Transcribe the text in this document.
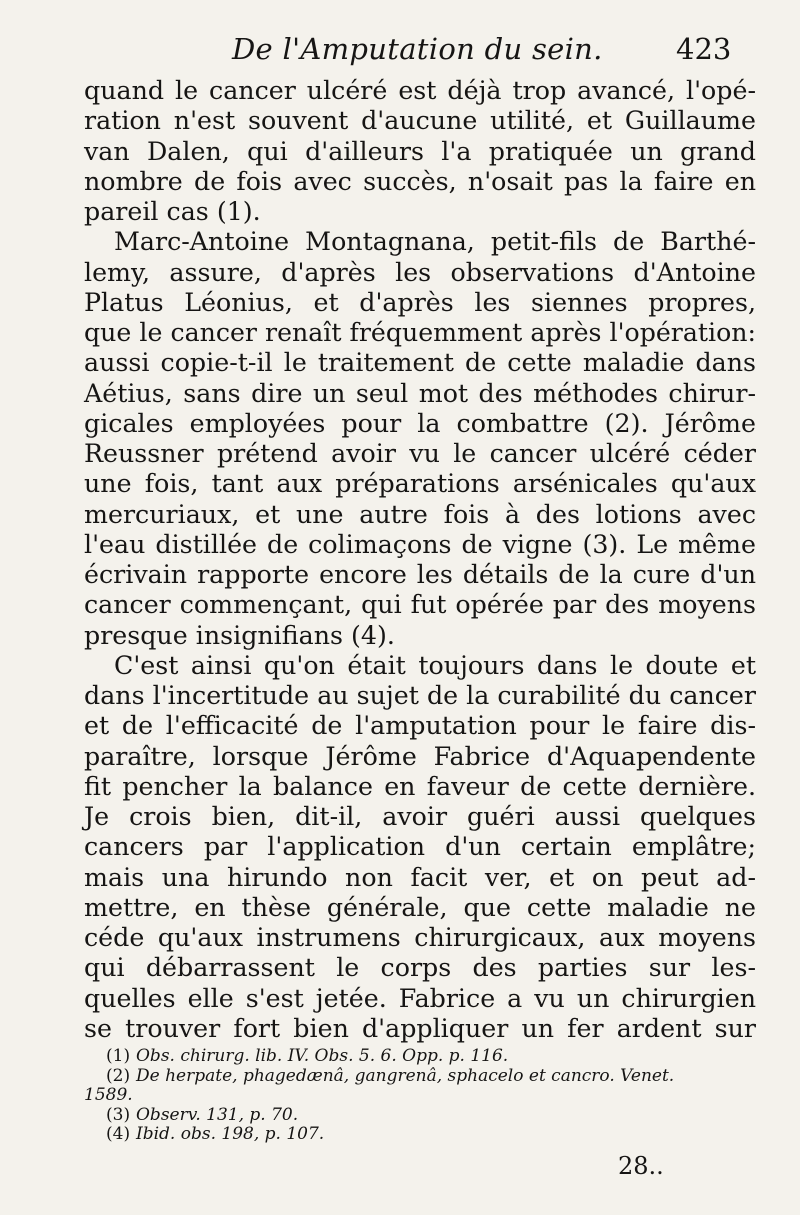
De l'Amputation du sein.	423
quand le cancer ulcéré est déjà trop avancé, l'opé-
ration n'est souvent d'aucune utilité, et Guillaume
van Dalen, qui d'ailleurs l'a pratiquée un grand
nombre de fois avec succès, n'osait pas la faire en
pareil cas (1).
Marc-Antoine Montagnana, petit-fils de Barthé-
lemy, assure, d'après les observations d'Antoine
Platus Léonius, et d'après les siennes propres,
que le cancer renaît fréquemment après l'opération:
aussi copie-t-il le traitement de cette maladie dans
Aétius, sans dire un seul mot des méthodes chirur-
gicales employées pour la combattre (2). Jérôme
Reussner prétend avoir vu le cancer ulcéré céder
une fois, tant aux préparations arsénicales qu'aux
mercuriaux, et une autre fois à des lotions avec
l'eau distillée de colimaçons de vigne (3). Le même
écrivain rapporte encore les détails de la cure d'un
cancer commençant, qui fut opérée par des moyens
presque insignifians (4).
C'est ainsi qu'on était toujours dans le doute et
dans l'incertitude au sujet de la curabilité du cancer
et de l'efficacité de l'amputation pour le faire dis-
paraître, lorsque Jérôme Fabrice d'Aquapendente
fit pencher la balance en faveur de cette dernière.
Je crois bien, dit-il, avoir guéri aussi quelques
cancers par l'application d'un certain emplâtre;
mais una hirundo non facit ver, et on peut ad-
mettre, en thèse générale, que cette maladie ne
céde qu'aux instrumens chirurgicaux, aux moyens
qui débarrassent le corps des parties sur les-
quelles elle s'est jetée. Fabrice a vu un chirurgien
se trouver fort bien d'appliquer un fer ardent sur
(1) Obs. chirurg. lib. IV. Obs. 5. 6. Opp. p. 116.
(2) De herpate, phagedænâ, gangrenâ, sphacelo et cancro. Venet.
1589.
(3) Observ. 131, p. 70.
(4) Ibid. obs. 198, p. 107.
28..
